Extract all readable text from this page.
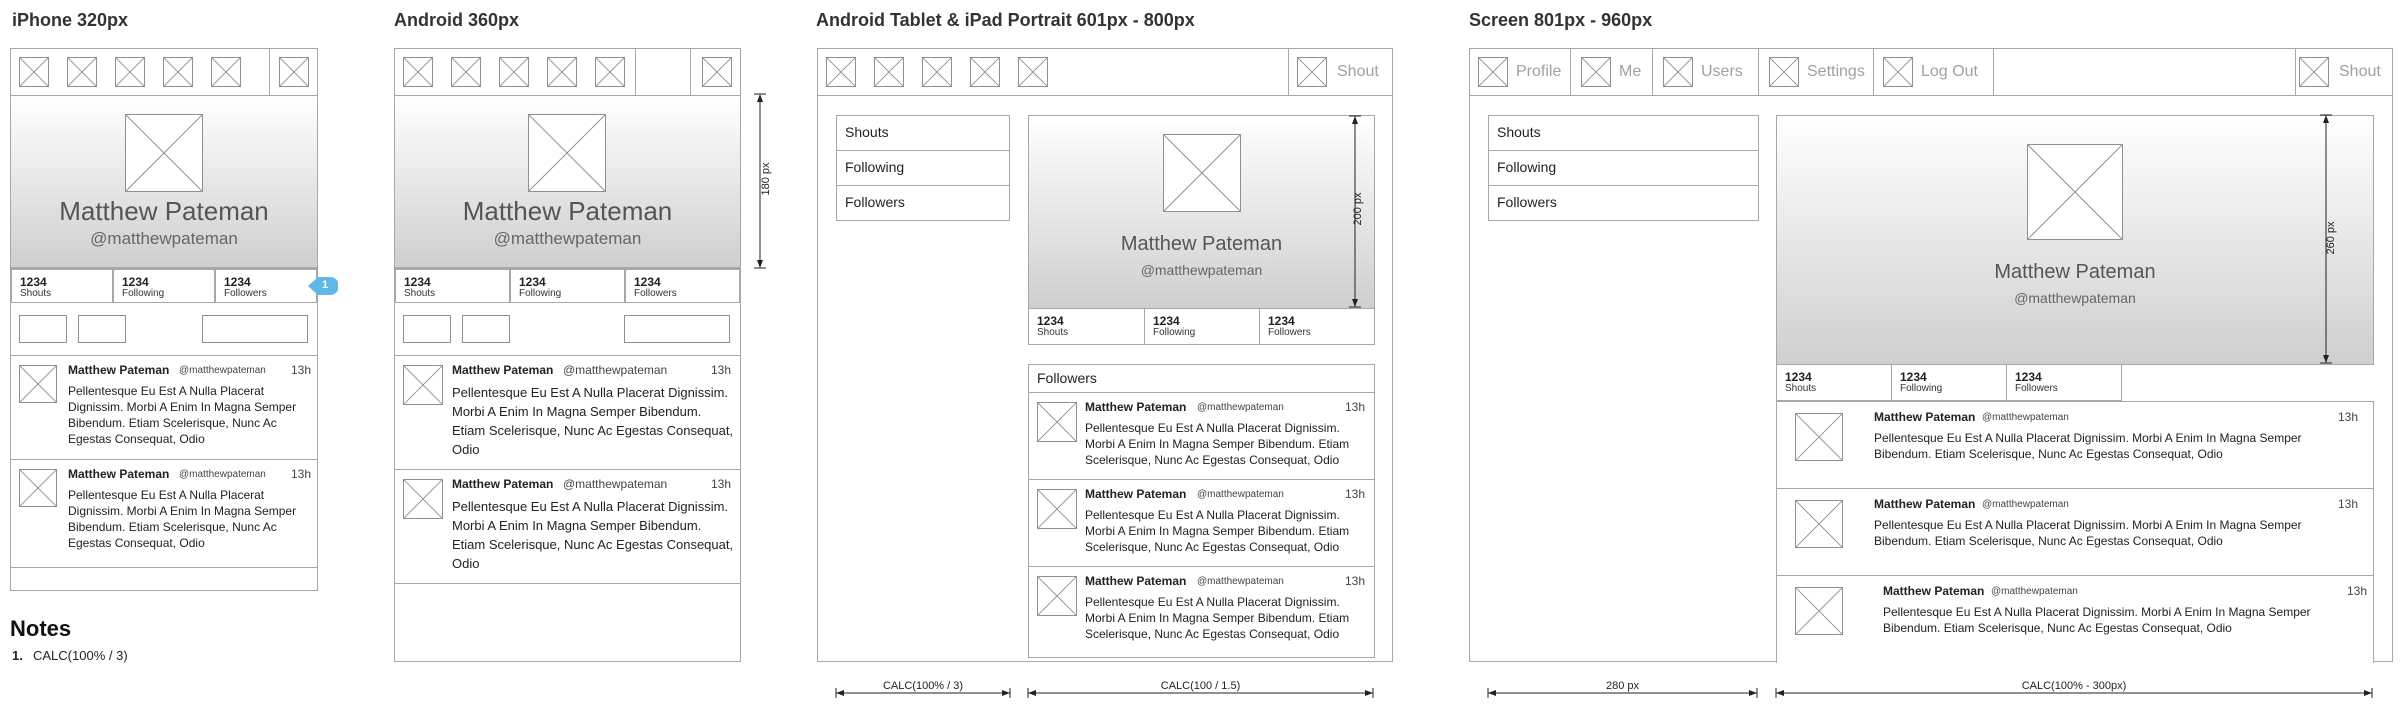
iPhone 320px	Android 360px	Android Tablet & iPad Portrait 601px - 800px	Screen 801px - 960px
Matthew Pateman
@matthewpateman
1234
Shouts
1234
Following
1234
Followers
Matthew Pateman @matthewpateman 13h
Pellentesque Eu Est A Nulla Placerat Dignissim. Morbi A Enim In Magna Semper Bibendum. Etiam Scelerisque, Nunc Ac Egestas Consequat, Odio
Matthew Pateman @matthewpateman 13h
Pellentesque Eu Est A Nulla Placerat Dignissim. Morbi A Enim In Magna Semper Bibendum. Etiam Scelerisque, Nunc Ac Egestas Consequat, Odio
1
Notes
1. CALC(100% / 3)
Matthew Pateman
@matthewpateman
1234
Shouts
1234
Following
1234
Followers
Matthew Pateman @matthewpateman	13h
Pellentesque Eu Est A Nulla Placerat Dignissim. Morbi A Enim In Magna Semper Bibendum. Etiam Scelerisque, Nunc Ac Egestas Consequat, Odio
Matthew Pateman @matthewpateman	13h
Pellentesque Eu Est A Nulla Placerat Dignissim. Morbi A Enim In Magna Semper Bibendum. Etiam Scelerisque, Nunc Ac Egestas Consequat, Odio
180 px
Shout
Shouts
Following
Followers
Matthew Pateman
@matthewpateman
1234
Shouts
1234
Following
1234
Followers
Followers
Matthew Pateman @matthewpateman	13h
Pellentesque Eu Est A Nulla Placerat Dignissim. Morbi A Enim In Magna Semper Bibendum. Etiam Scelerisque, Nunc Ac Egestas Consequat, Odio
Matthew Pateman @matthewpateman	13h
Pellentesque Eu Est A Nulla Placerat Dignissim. Morbi A Enim In Magna Semper Bibendum. Etiam Scelerisque, Nunc Ac Egestas Consequat, Odio
Matthew Pateman @matthewpateman	13h
Pellentesque Eu Est A Nulla Placerat Dignissim. Morbi A Enim In Magna Semper Bibendum. Etiam Scelerisque, Nunc Ac Egestas Consequat, Odio
200 px
CALC(100% / 3)	CALC(100 / 1.5)
Profile	Me	Users	Settings	Log Out	Shout
Shouts
Following
Followers
Matthew Pateman
@matthewpateman
1234
Shouts
1234
Following
1234
Followers
Matthew Pateman @matthewpateman	13h
Pellentesque Eu Est A Nulla Placerat Dignissim. Morbi A Enim In Magna Semper Bibendum. Etiam Scelerisque, Nunc Ac Egestas Consequat, Odio
Matthew Pateman @matthewpateman	13h
Pellentesque Eu Est A Nulla Placerat Dignissim. Morbi A Enim In Magna Semper Bibendum. Etiam Scelerisque, Nunc Ac Egestas Consequat, Odio
Matthew Pateman @matthewpateman	13h
Pellentesque Eu Est A Nulla Placerat Dignissim. Morbi A Enim In Magna Semper Bibendum. Etiam Scelerisque, Nunc Ac Egestas Consequat, Odio
260 px
280 px	CALC(100% - 300px)
